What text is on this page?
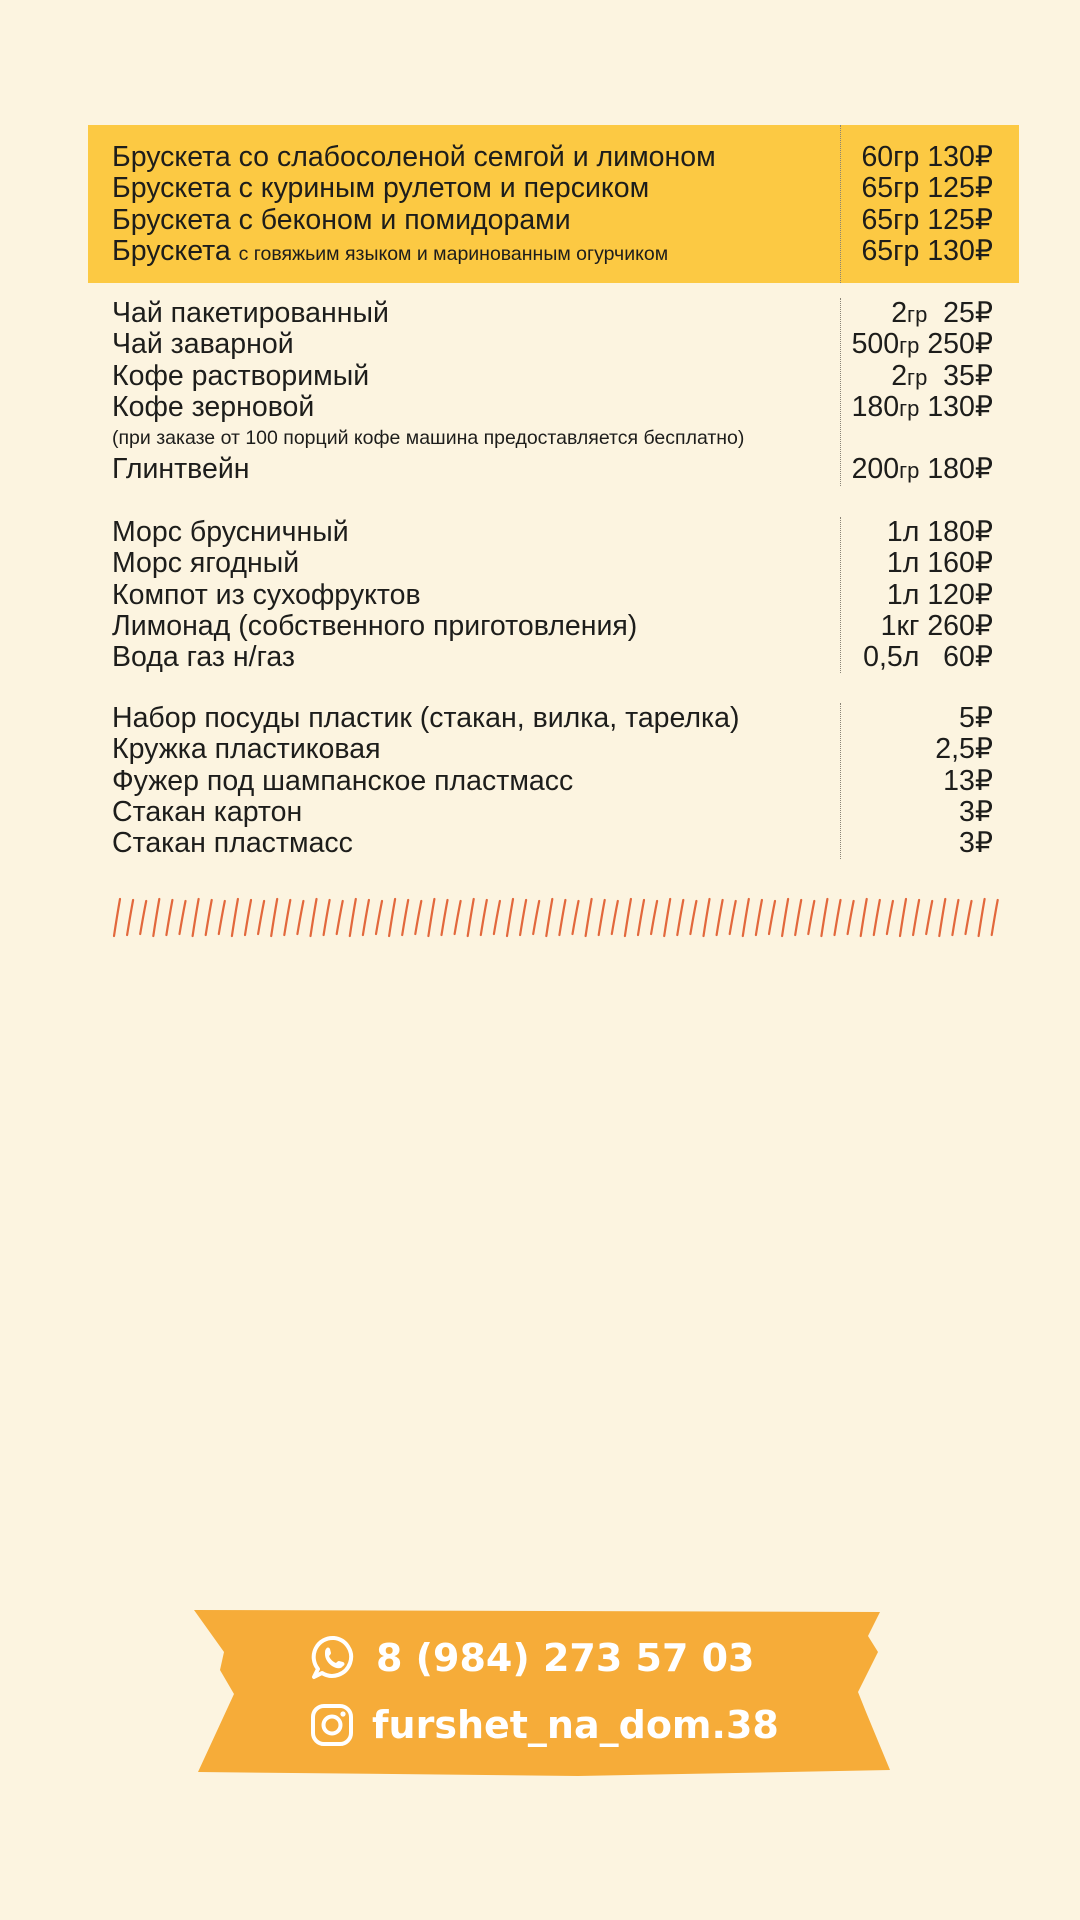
Брускета со слабосоленой семгой и лимоном	60гр 130₽
Брускета с куриным рулетом и персиком	65гр 125₽
Брускета с беконом и помидорами	65гр 125₽
Брускета с говяжьим языком и маринованным огурчиком	65гр 130₽
Чай пакетированный	2гр 25₽
Чай заварной	500гр 250₽
Кофе растворимый	2гр 35₽
Кофе зерновой	180гр 130₽
(при заказе от 100 порций кофе машина предоставляется бесплатно)
Глинтвейн	200гр 180₽
Морс брусничный	1л 180₽
Морс ягодный	1л 160₽
Компот из сухофруктов	1л 120₽
Лимонад (собственного приготовления)	1кг 260₽
Вода газ н/газ	0,5л 60₽
Набор посуды пластик (стакан, вилка, тарелка)	5₽
Кружка пластиковая	2,5₽
Фужер под шампанское пластмасс	13₽
Стакан картон	3₽
Стакан пластмасс	3₽
8 (984) 273 57 03
furshet_na_dom.38
